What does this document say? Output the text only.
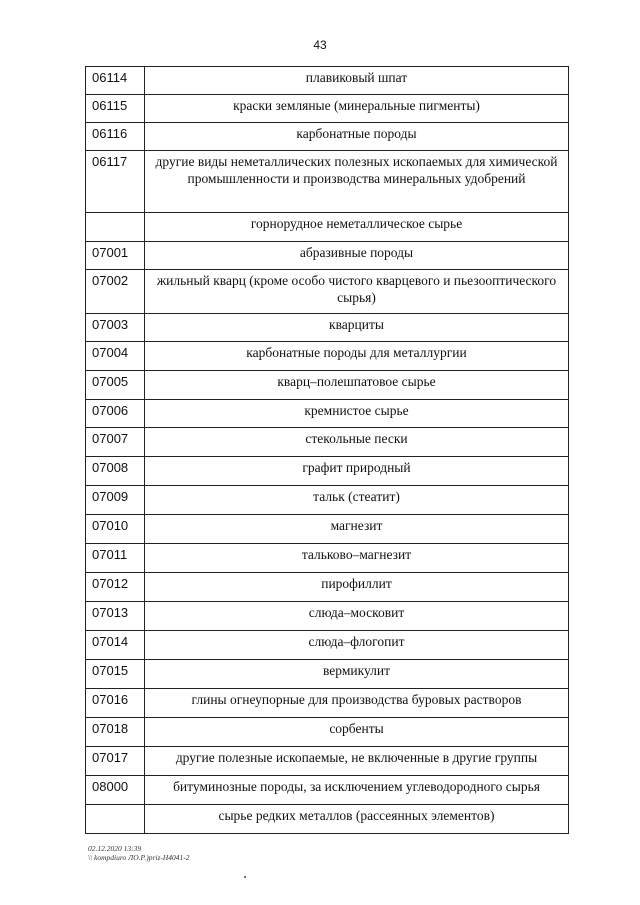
43
06114	плавиковый шпат
06115	краски земляные (минеральные пигменты)
06116	карбонатные породы
06117	другие виды неметаллических полезных ископаемых для химической промышленности и производства минеральных удобрений
	горнорудное неметаллическое сырье
07001	абразивные породы
07002	жильный кварц (кроме особо чистого кварцевого и пьезооптического сырья)
07003	кварциты
07004	карбонатные породы для металлургии
07005	кварц–полешпатовое сырье
07006	кремнистое сырье
07007	стекольные пески
07008	графит природный
07009	тальк (стеатит)
07010	магнезит
07011	тальково–магнезит
07012	пирофиллит
07013	слюда–московит
07014	слюда–флогопит
07015	вермикулит
07016	глины огнеупорные для производства буровых растворов
07018	сорбенты
07017	другие полезные ископаемые, не включенные в другие группы
08000	битуминозные породы, за исключением углеводородного сырья
	сырье редких металлов (рассеянных элементов)
02.12.2020 13:39
\\ kompdiuro ЛО.Р.)priz-H4041-2
